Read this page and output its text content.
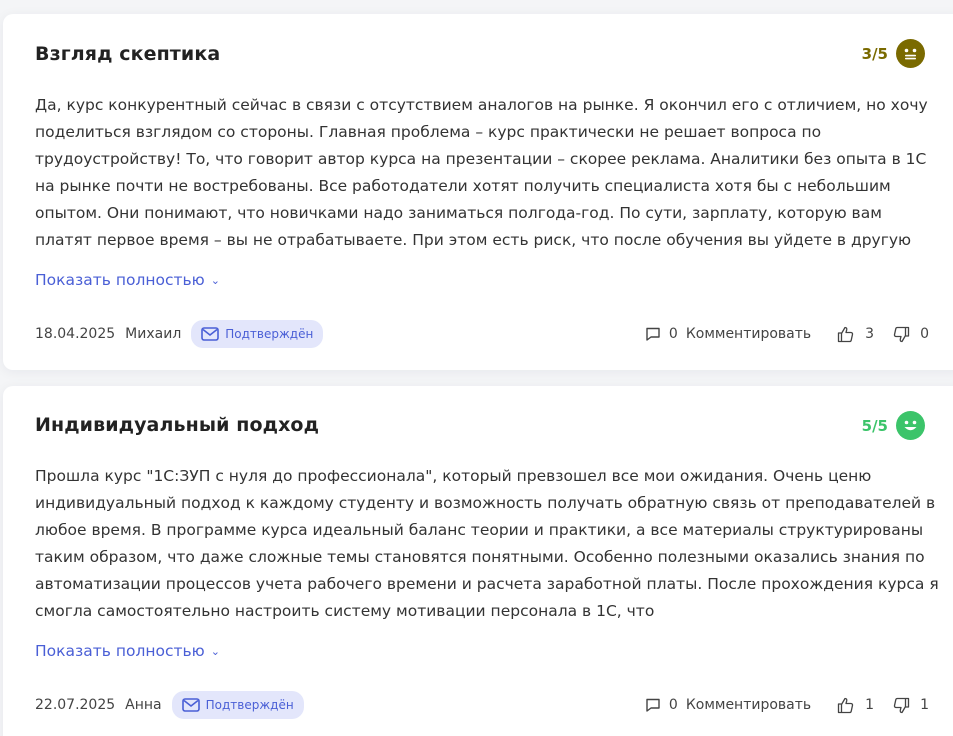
Взгляд скептика	3/5
Да, курс конкурентный сейчас в связи с отсутствием аналогов на рынке. Я окончил его с отличием, но хочу поделиться взглядом со стороны. Главная проблема – курс практически не решает вопроса по трудоустройству! То, что говорит автор курса на презентации – скорее реклама. Аналитики без опыта в 1С на рынке почти не востребованы. Все работодатели хотят получить специалиста хотя бы с небольшим опытом. Они понимают, что новичками надо заниматься полгода-год. По сути, зарплату, которую вам платят первое время – вы не отрабатываете. При этом есть риск, что после обучения вы уйдете в другую
Показать полностью ⌄
18.04.2025 Михаил	Подтверждён	0 Комментировать	3	0
Индивидуальный подход	5/5
Прошла курс "1С:ЗУП с нуля до профессионала", который превзошел все мои ожидания. Очень ценю индивидуальный подход к каждому студенту и возможность получать обратную связь от преподавателей в любое время. В программе курса идеальный баланс теории и практики, а все материалы структурированы таким образом, что даже сложные темы становятся понятными. Особенно полезными оказались знания по автоматизации процессов учета рабочего времени и расчета заработной платы. После прохождения курса я смогла самостоятельно настроить систему мотивации персонала в 1С, что
Показать полностью ⌄
22.07.2025 Анна	Подтверждён	0 Комментировать	1	1
